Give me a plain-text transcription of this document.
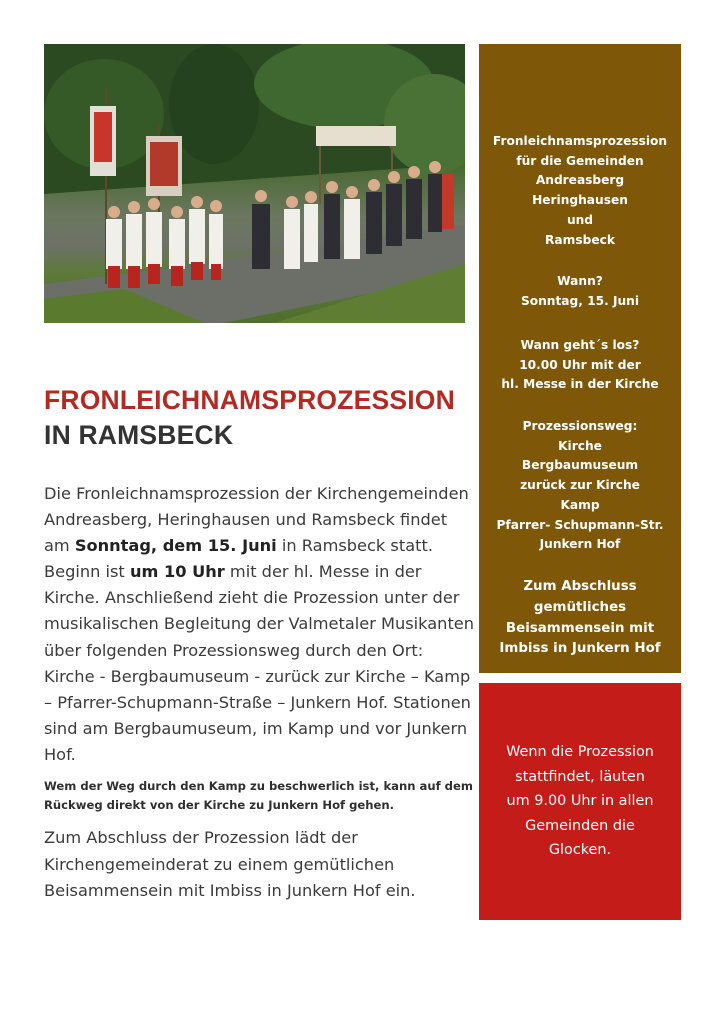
FRONLEICHNAMSPROZESSION
IN RAMSBECK
Die Fronleichnamsprozession der Kirchengemeinden Andreasberg, Heringhausen und Ramsbeck findet am Sonntag, dem 15. Juni in Ramsbeck statt. Beginn ist um 10 Uhr mit der hl. Messe in der Kirche. Anschließend zieht die Prozession unter der musikalischen Begleitung der Valmetaler Musikanten über folgenden Prozessionsweg durch den Ort: Kirche - Bergbaumuseum - zurück zur Kirche – Kamp – Pfarrer-Schupmann-Straße – Junkern Hof. Stationen sind am Bergbaumuseum, im Kamp und vor Junkern Hof.
Wem der Weg durch den Kamp zu beschwerlich ist, kann auf dem Rückweg direkt von der Kirche zu Junkern Hof gehen.
Zum Abschluss der Prozession lädt der Kirchengemeinderat zu einem gemütlichen Beisammensein mit Imbiss in Junkern Hof ein.
Fronleichnamsprozession
für die Gemeinden
Andreasberg
Heringhausen
und
Ramsbeck
Wann?
Sonntag, 15. Juni
Wann geht´s los?
10.00 Uhr mit der
hl. Messe in der Kirche
Prozessionsweg:
Kirche
Bergbaumuseum
zurück zur Kirche
Kamp
Pfarrer- Schupmann-Str.
Junkern Hof
Zum Abschluss
gemütliches
Beisammensein mit
Imbiss in Junkern Hof
Wenn die Prozession
stattfindet, läuten
um 9.00 Uhr in allen
Gemeinden die
Glocken.
